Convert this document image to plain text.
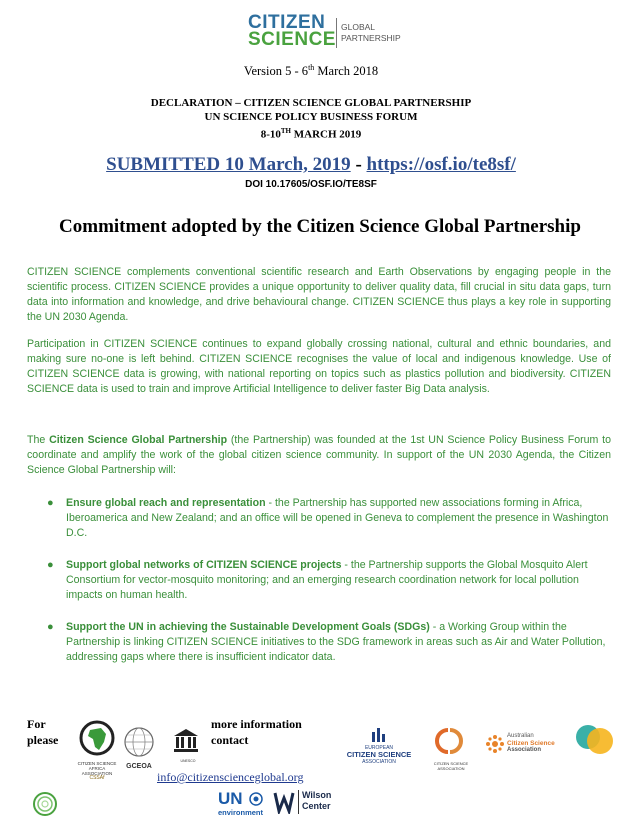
CITIZEN
SCIENCE
GLOBAL
PARTNERSHIP
Version 5 - 6th March 2018
DECLARATION – CITIZEN SCIENCE GLOBAL PARTNERSHIP
UN SCIENCE POLICY BUSINESS FORUM
8-10TH MARCH 2019
SUBMITTED 10 March, 2019 - https://osf.io/te8sf/
DOI 10.17605/OSF.IO/TE8SF
Commitment adopted by the Citizen Science Global Partnership
CITIZEN SCIENCE complements conventional scientific research and Earth Observations by engaging people in the scientific process. CITIZEN SCIENCE provides a unique opportunity to deliver quality data, fill crucial in situ data gaps, turn data into information and knowledge, and drive behavioural change. CITIZEN SCIENCE thus plays a key role in supporting the UN 2030 Agenda.
Participation in CITIZEN SCIENCE continues to expand globally crossing national, cultural and ethnic boundaries, and making sure no-one is left behind. CITIZEN SCIENCE recognises the value of local and indigenous knowledge. Use of CITIZEN SCIENCE data is growing, with national reporting on topics such as plastics pollution and biodiversity. CITIZEN SCIENCE data is used to train and improve Artificial Intelligence to deliver faster Big Data analysis.
The Citizen Science Global Partnership (the Partnership) was founded at the 1st UN Science Policy Business Forum to coordinate and amplify the work of the global citizen science community. In support of the UN 2030 Agenda, the Citizen Science Global Partnership will:
●	Ensure global reach and representation - the Partnership has supported new associations forming in Africa, Iberoamerica and New Zealand; and an office will be opened in Geneva to complement the presence in Washington D.C.
●	Support global networks of CITIZEN SCIENCE projects - the Partnership supports the Global Mosquito Alert Consortium for vector-mosquito monitoring; and an emerging research coordination network for local pollution impacts on human health.
●	Support the UN in achieving the Sustainable Development Goals (SDGs) - a Working Group within the Partnership is linking CITIZEN SCIENCE initiatives to the SDG framework in areas such as Air and Water Pollution, addressing gaps where there is insufficient indicator data.
For
please
more information
contact
info@citizenscienceglobal.org
CITIZEN SCIENCE AFRICA ASSOCIATION
CSSAf
GCEOA
UNESCO
EUROPEAN
CITIZEN SCIENCE
ASSOCIATION	CITIZEN SCIENCE ASSOCIATION
Australian
Citizen Science
Association
UN
environment
Wilson
Center
